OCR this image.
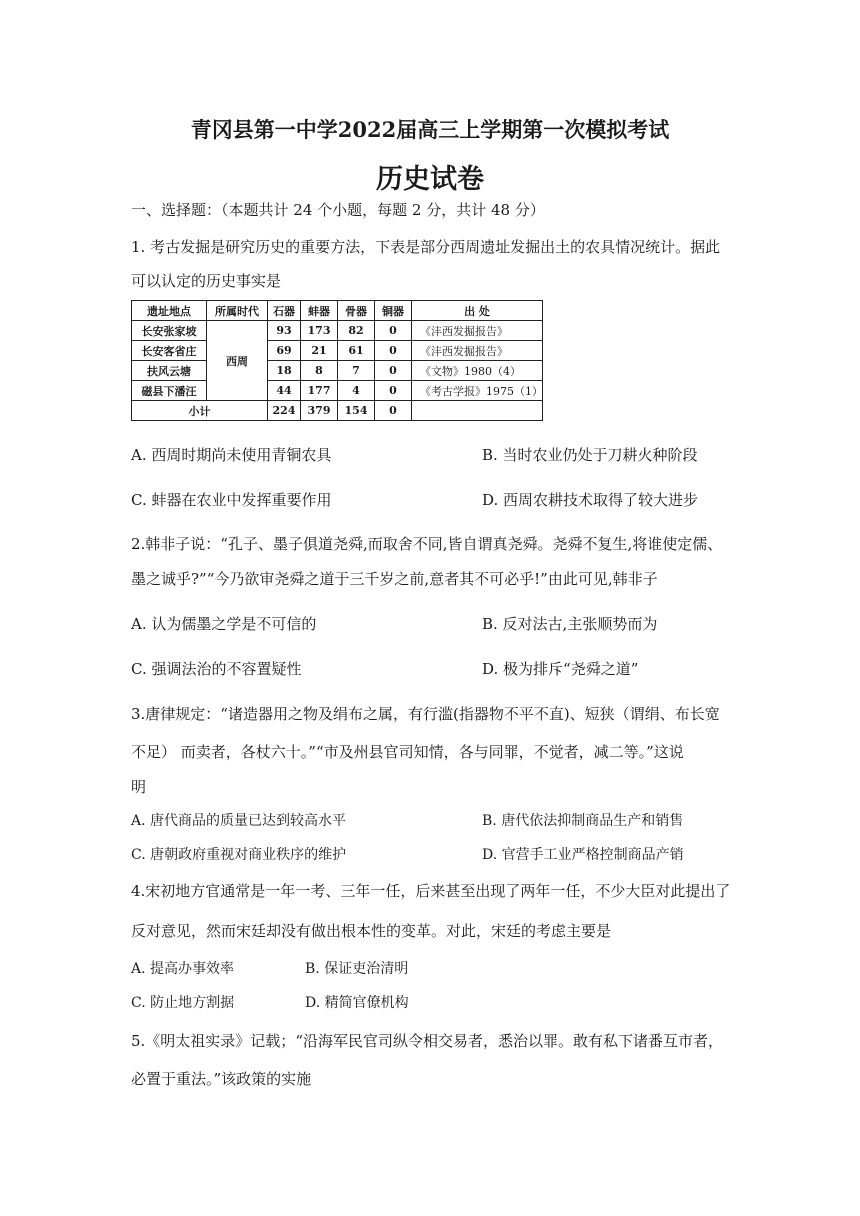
青冈县第一中学2022届高三上学期第一次模拟考试
历史试卷
一、选择题：（本题共计 24 个小题，每题 2 分，共计 48 分）
1. 考古发掘是研究历史的重要方法，下表是部分西周遗址发掘出土的农具情况统计。据此
可以认定的历史事实是
遗址地点	所属时代	石器	蚌器	骨器	铜器	出 处
长安张家坡	西周	93	173	82	0	《沣西发掘报告》
长安客省庄		69	21	61	0	《沣西发掘报告》
扶风云塘		18	8	7	0	《文物》1980（4）
磁县下潘汪		44	177	4	0	《考古学报》1975（1）
小计		224	379	154	0	
A. 西周时期尚未使用青铜农具	B. 当时农业仍处于刀耕火种阶段
C. 蚌器在农业中发挥重要作用	D. 西周农耕技术取得了较大进步
2.韩非子说：“孔子、墨子俱道尧舜,而取舍不同,皆自谓真尧舜。尧舜不复生,将谁使定儒、
墨之诚乎?”“今乃欲审尧舜之道于三千岁之前,意者其不可必乎!”由此可见,韩非子
A. 认为儒墨之学是不可信的	B. 反对法古,主张顺势而为
C. 强调法治的不容置疑性	D. 极为排斥“尧舜之道”
3.唐律规定：“诸造器用之物及绢布之属，有行滥(指器物不平不直)、短狭（谓绢、布长宽
不足） 而卖者，各杖六十。”“市及州县官司知情，各与同罪，不觉者，减二等。”这说
明
A. 唐代商品的质量已达到较高水平	B. 唐代依法抑制商品生产和销售
C. 唐朝政府重视对商业秩序的维护	D. 官营手工业严格控制商品产销
4.宋初地方官通常是一年一考、三年一任，后来甚至出现了两年一任，不少大臣对此提出了
反对意见，然而宋廷却没有做出根本性的变革。对此，宋廷的考虑主要是
A. 提高办事效率	B. 保证吏治清明
C. 防止地方割据	D. 精简官僚机构
5.《明太祖实录》记载；“沿海军民官司纵令相交易者，悉治以罪。敢有私下诸番互市者，
必置于重法。”该政策的实施
